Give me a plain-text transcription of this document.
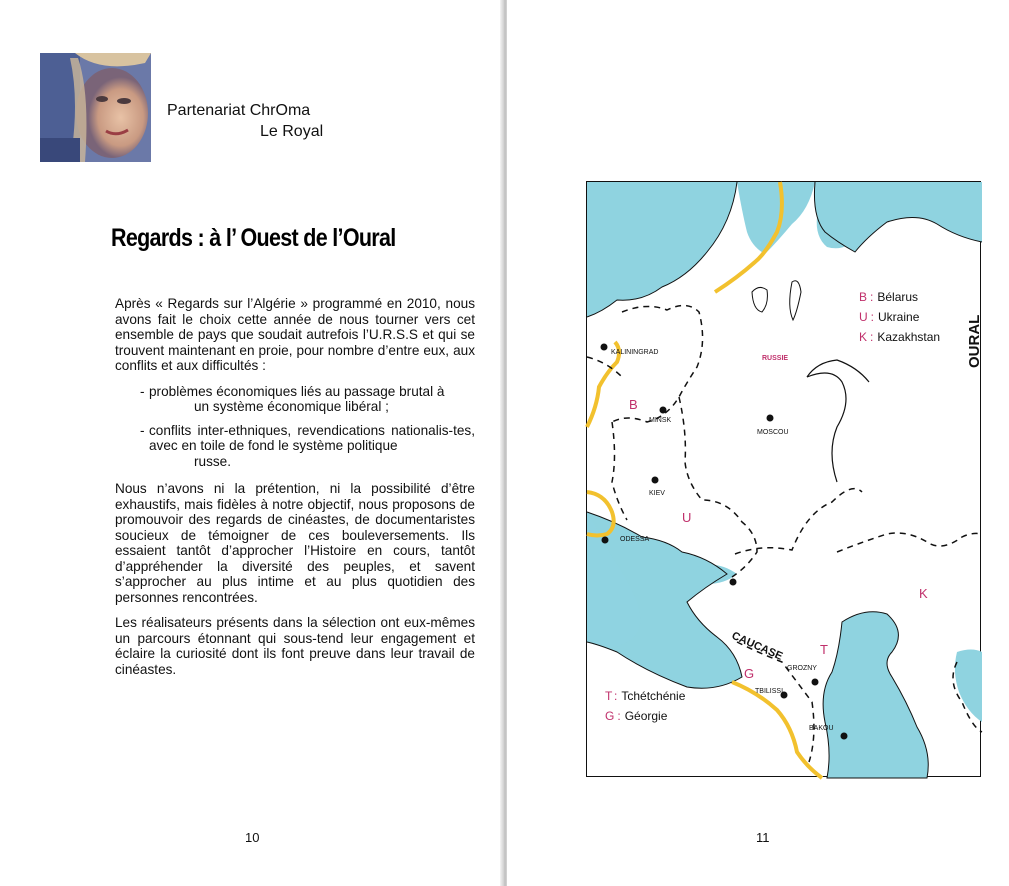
Partenariat ChrOma
Le Royal
Regards : à l’ Ouest de l’Oural

Après « Regards sur l’Algérie » programmé en 2010, nous avons fait le choix cette année de nous tourner vers cet ensemble de pays que soudait autrefois l’U.R.S.S et qui se trouvent maintenant en proie, pour nombre d’entre eux, aux conflits et aux difficultés :

- problèmes économiques liés au passage brutal à
un système économique libéral ;
- conflits inter-ethniques, revendications nationalis-tes, avec en toile de fond le système politique
russe.

Nous n’avons ni la prétention, ni la possibilité d’être exhaustifs, mais fidèles à notre objectif, nous proposons de promouvoir des regards de cinéastes, de documentaristes soucieux de témoigner de ces bouleversements. Ils essaient tantôt d’approcher l’Histoire en cours, tantôt d’appréhender la diversité des peuples, et savent s’approcher au plus intime et au plus quotidien des personnes rencontrées.

Les réalisateurs présents dans la sélection ont eux-mêmes un parcours étonnant qui sous-tend leur engagement et éclaire la curiosité dont ils font preuve dans leur travail de cinéastes.

10	11
KALININGRAD
MINSK
MOSCOU
KIEV
ODESSA
GROZNY
TBILISSI
BAKOU
RUSSIE
B
U
K
T
G
CAUCASE
OURAL
B : Bélarus
U : Ukraine
K : Kazakhstan
T : Tchétchénie
G : Géorgie
